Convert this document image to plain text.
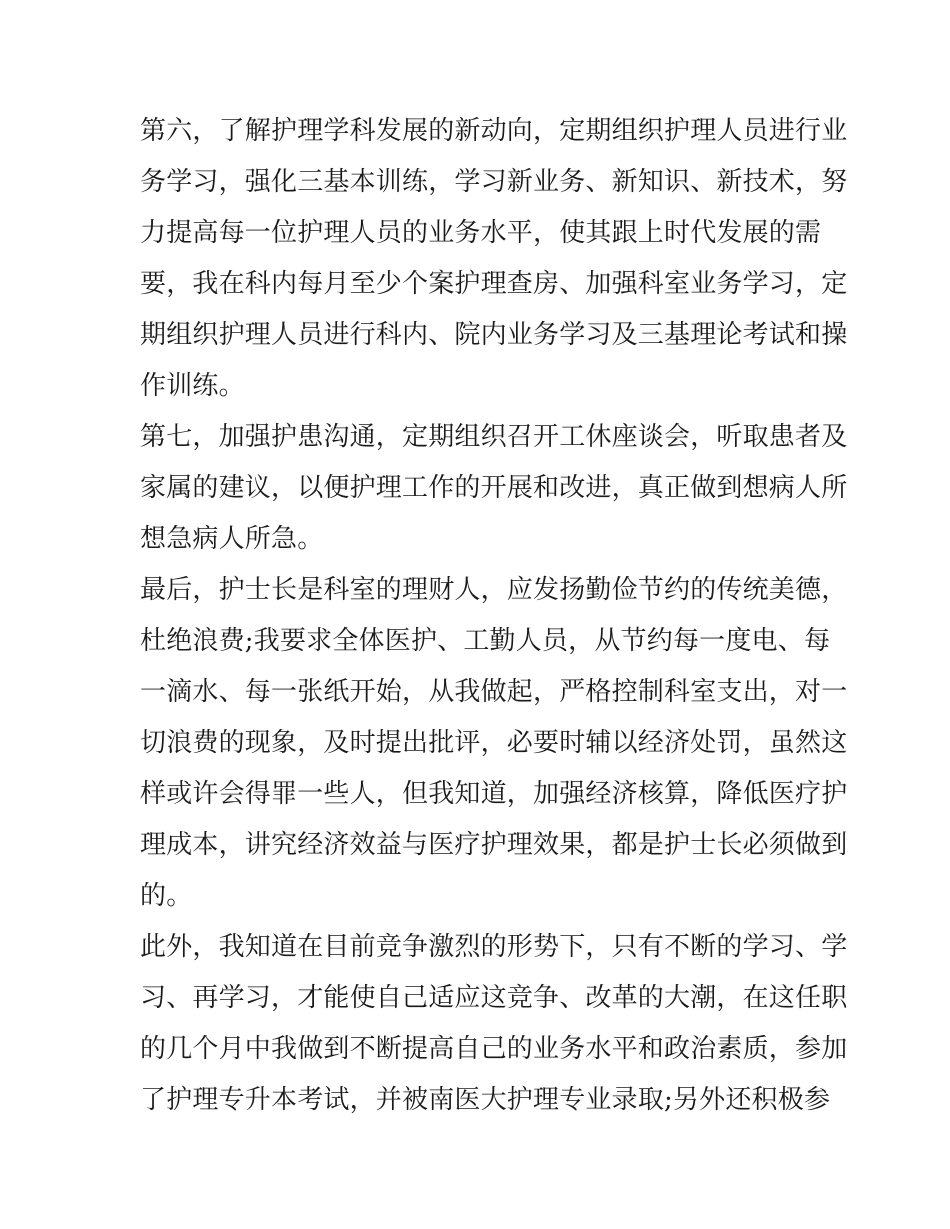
第六，了解护理学科发展的新动向，定期组织护理人员进行业
务学习，强化三基本训练，学习新业务、新知识、新技术，努
力提高每一位护理人员的业务水平，使其跟上时代发展的需
要，我在科内每月至少个案护理查房、加强科室业务学习，定
期组织护理人员进行科内、院内业务学习及三基理论考试和操
作训练。
第七，加强护患沟通，定期组织召开工休座谈会，听取患者及
家属的建议，以便护理工作的开展和改进，真正做到想病人所
想急病人所急。
最后，护士长是科室的理财人，应发扬勤俭节约的传统美德，
杜绝浪费;我要求全体医护、工勤人员，从节约每一度电、每
一滴水、每一张纸开始，从我做起，严格控制科室支出，对一
切浪费的现象，及时提出批评，必要时辅以经济处罚，虽然这
样或许会得罪一些人，但我知道，加强经济核算，降低医疗护
理成本，讲究经济效益与医疗护理效果，都是护士长必须做到
的。
此外，我知道在目前竞争激烈的形势下，只有不断的学习、学
习、再学习，才能使自己适应这竞争、改革的大潮，在这任职
的几个月中我做到不断提高自己的业务水平和政治素质，参加
了护理专升本考试，并被南医大护理专业录取;另外还积极参
